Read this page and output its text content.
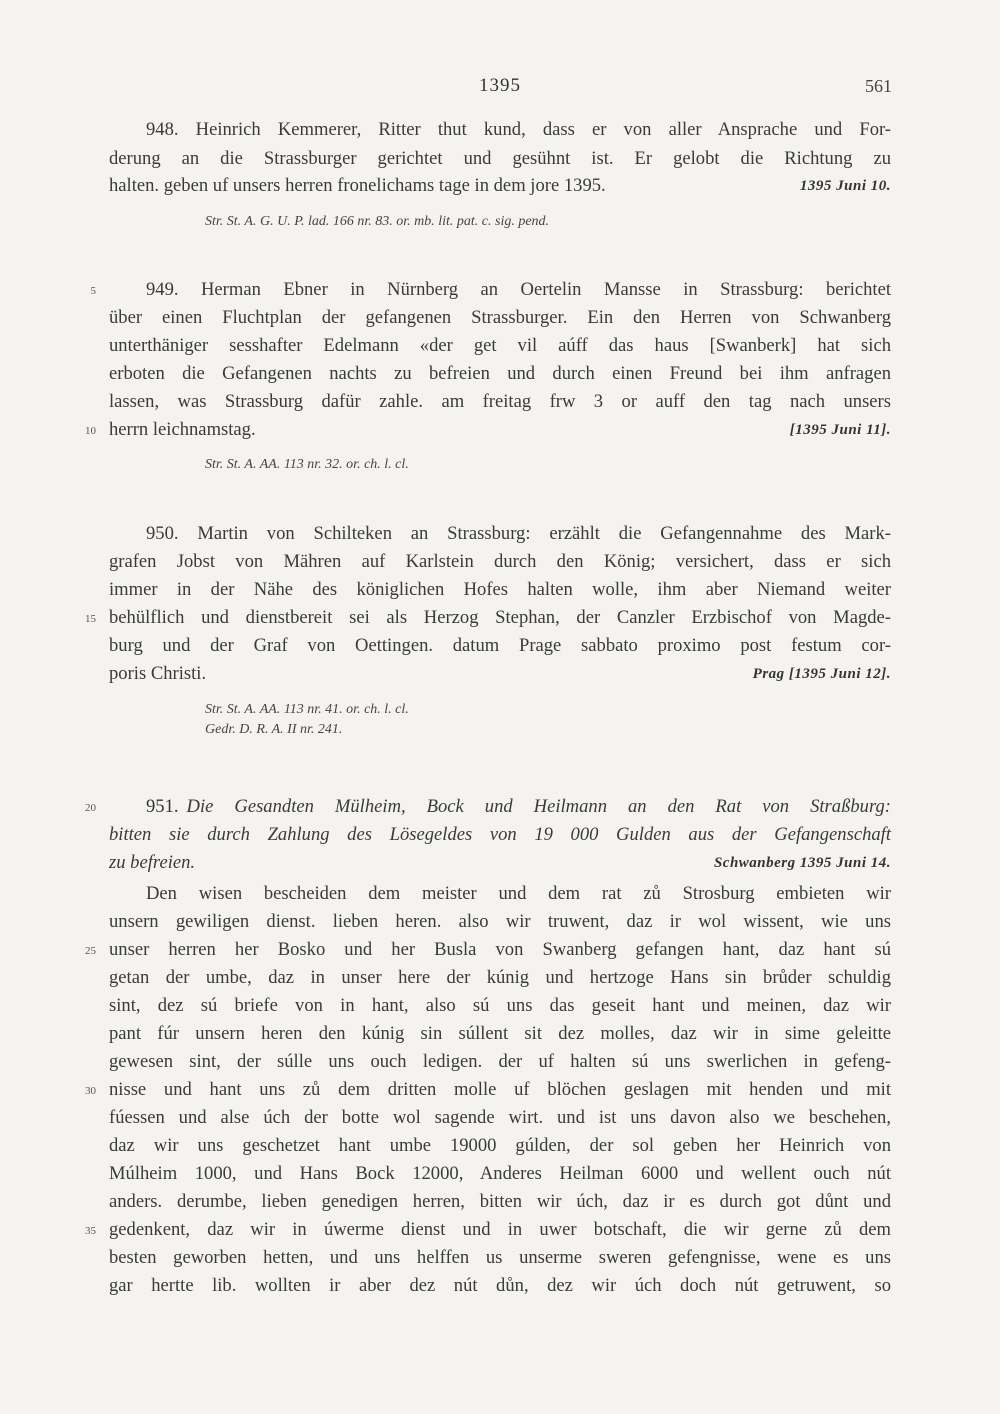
1395	561
948. Heinrich Kemmerer, Ritter thut kund, dass er von aller Ansprache und For-
derung an die Strassburger gerichtet und gesühnt ist. Er gelobt die Richtung zu
halten. geben uf unsers herren fronelichams tage in dem jore 1395.	1395 Juni 10.
Str. St. A. G. U. P. lad. 166 nr. 83. or. mb. lit. pat. c. sig. pend.
949. Herman Ebner in Nürnberg an Oertelin Mansse in Strassburg: berichtet
über einen Fluchtplan der gefangenen Strassburger. Ein den Herren von Schwanberg
unterthäniger sesshafter Edelmann «der get vil aúff das haus [Swanberk] hat sich
erboten die Gefangenen nachts zu befreien und durch einen Freund bei ihm anfragen
lassen, was Strassburg dafür zahle. am freitag frw 3 or auff den tag nach unsers
herrn leichnamstag.	[1395 Juni 11].
Str. St. A. AA. 113 nr. 32. or. ch. l. cl.
950. Martin von Schilteken an Strassburg: erzählt die Gefangennahme des Mark-
grafen Jobst von Mähren auf Karlstein durch den König; versichert, dass er sich
immer in der Nähe des königlichen Hofes halten wolle, ihm aber Niemand weiter
behülflich und dienstbereit sei als Herzog Stephan, der Canzler Erzbischof von Magde-
burg und der Graf von Oettingen. datum Prage sabbato proximo post festum cor-
poris Christi.	Prag [1395 Juni 12].
Str. St. A. AA. 113 nr. 41. or. ch. l. cl.
Gedr. D. R. A. II nr. 241.
951. Die Gesandten Mülheim, Bock und Heilmann an den Rat von Straßburg:
bitten sie durch Zahlung des Lösegeldes von 19 000 Gulden aus der Gefangenschaft
zu befreien.	Schwanberg 1395 Juni 14.
Den wisen bescheiden dem meister und dem rat zů Strosburg embieten wir
unsern gewiligen dienst. lieben heren. also wir truwent, daz ir wol wissent, wie uns
unser herren her Bosko und her Busla von Swanberg gefangen hant, daz hant sú
getan der umbe, daz in unser here der kúnig und hertzoge Hans sin brůder schuldig
sint, dez sú briefe von in hant, also sú uns das geseit hant und meinen, daz wir
pant fúr unsern heren den kúnig sin súllent sit dez molles, daz wir in sime geleitte
gewesen sint, der súlle uns ouch ledigen. der uf halten sú uns swerlichen in gefeng-
nisse und hant uns zů dem dritten molle uf blöchen geslagen mit henden und mit
fúessen und alse úch der botte wol sagende wirt. und ist uns davon also we beschehen,
daz wir uns geschetzet hant umbe 19000 gúlden, der sol geben her Heinrich von
Múlheim 1000, und Hans Bock 12000, Anderes Heilman 6000 und wellent ouch nút
anders. derumbe, lieben genedigen herren, bitten wir úch, daz ir es durch got důnt und
gedenkent, daz wir in úwerme dienst und in uwer botschaft, die wir gerne zů dem
besten geworben hetten, und uns helffen us unserme sweren gefengnisse, wene es uns
gar hertte lib. wollten ir aber dez nút důn, dez wir úch doch nút getruwent, so
5
10
15
20
25
30
35
